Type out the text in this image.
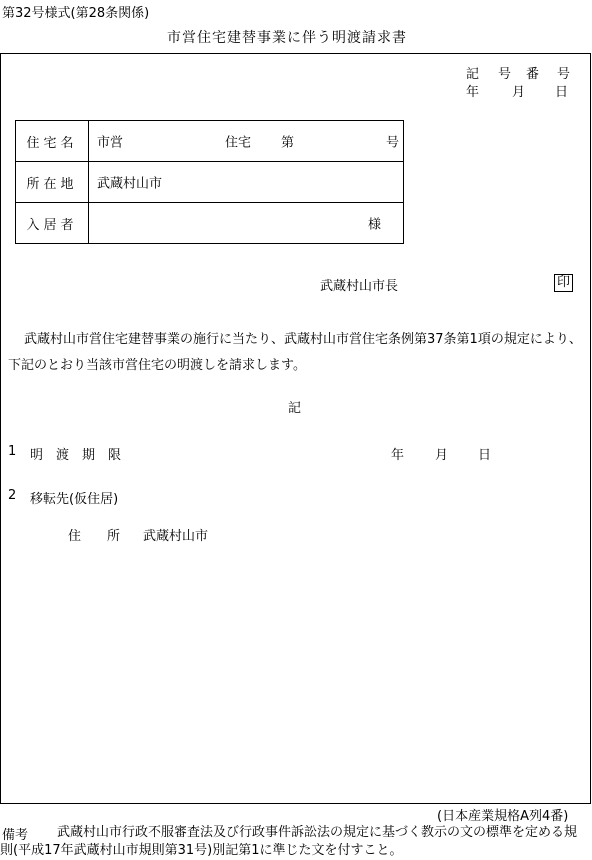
第32号様式(第28条関係)
市営住宅建替事業に伴う明渡請求書
記 号 番 号
年	月 日
住宅名	市営 住宅 第 号

所在地	武蔵村山市

入居者	様
武蔵村山市長	印
武蔵村山市営住宅建替事業の施行に当たり、武蔵村山市営住宅条例第37条第1項の規定により、下記のとおり当該市営住宅の明渡しを請求します。
記
1 明　渡　期　限	年 月 日
2 移転先(仮住居)
住　　所 武蔵村山市
(日本産業規格A列4番)
備考	武蔵村山市行政不服審査法及び行政事件訴訟法の規定に基づく教示の文の標準を定める規則(平成17年武蔵村山市規則第31号)別記第1に準じた文を付すこと。
